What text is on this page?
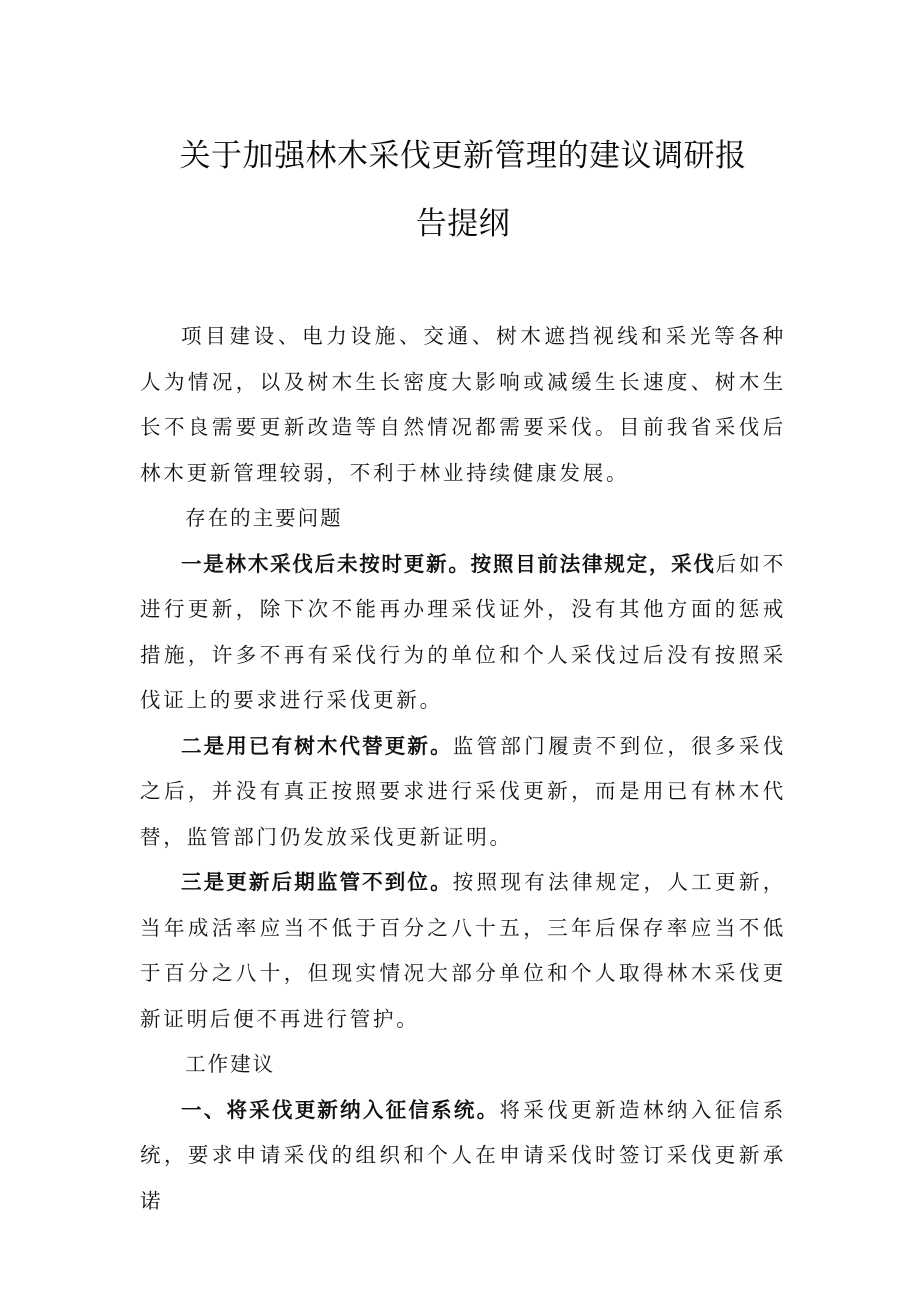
关于加强林木采伐更新管理的建议调研报
告提纲

项目建设、电力设施、交通、树木遮挡视线和采光等各种人为情况，以及树木生长密度大影响或减缓生长速度、树木生长不良需要更新改造等自然情况都需要采伐。目前我省采伐后林木更新管理较弱，不利于林业持续健康发展。

存在的主要问题

一是林木采伐后未按时更新。按照目前法律规定，采伐后如不进行更新，除下次不能再办理采伐证外，没有其他方面的惩戒措施，许多不再有采伐行为的单位和个人采伐过后没有按照采伐证上的要求进行采伐更新。

二是用已有树木代替更新。监管部门履责不到位，很多采伐之后，并没有真正按照要求进行采伐更新，而是用已有林木代替，监管部门仍发放采伐更新证明。

三是更新后期监管不到位。按照现有法律规定，人工更新，当年成活率应当不低于百分之八十五，三年后保存率应当不低于百分之八十，但现实情况大部分单位和个人取得林木采伐更新证明后便不再进行管护。

工作建议

一、将采伐更新纳入征信系统。将采伐更新造林纳入征信系统，要求申请采伐的组织和个人在申请采伐时签订采伐更新承诺
